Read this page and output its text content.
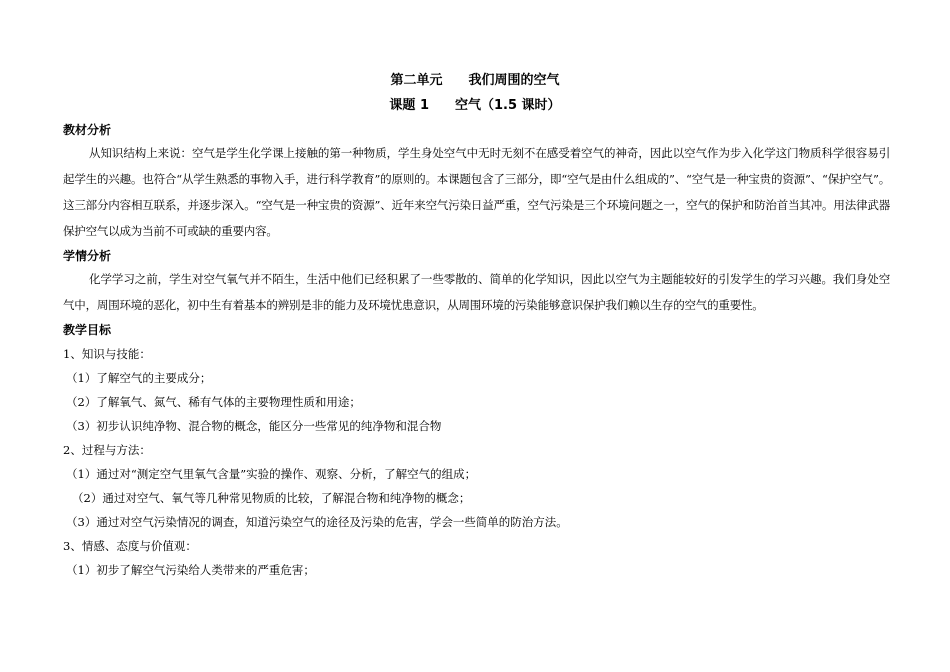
第二单元　　我们周围的空气
课题 1　　空气（1.5 课时）
教材分析
从知识结构上来说：空气是学生化学课上接触的第一种物质，学生身处空气中无时无刻不在感受着空气的神奇，因此以空气作为步入化学这门物质科学很容易引起学生的兴趣。也符合“从学生熟悉的事物入手，进行科学教育”的原则的。本课题包含了三部分，即“空气是由什么组成的”、“空气是一种宝贵的资源”、“保护空气”。这三部分内容相互联系，并逐步深入。“空气是一种宝贵的资源”、近年来空气污染日益严重，空气污染是三个环境问题之一，空气的保护和防治首当其冲。用法律武器保护空气以成为当前不可或缺的重要内容。
学情分析
化学学习之前，学生对空气氧气并不陌生，生活中他们已经积累了一些零散的、简单的化学知识，因此以空气为主题能较好的引发学生的学习兴趣。我们身处空气中，周围环境的恶化，初中生有着基本的辨别是非的能力及环境忧患意识，从周围环境的污染能够意识保护我们赖以生存的空气的重要性。
教学目标
1、知识与技能：
（1）了解空气的主要成分；
（2）了解氧气、氮气、稀有气体的主要物理性质和用途；
（3）初步认识纯净物、混合物的概念，能区分一些常见的纯净物和混合物
2、过程与方法：
（1）通过对“测定空气里氧气含量”实验的操作、观察、分析，了解空气的组成；
（2）通过对空气、氧气等几种常见物质的比较，了解混合物和纯净物的概念；
（3）通过对空气污染情况的调查，知道污染空气的途径及污染的危害，学会一些简单的防治方法。
3、情感、态度与价值观：
（1）初步了解空气污染给人类带来的严重危害；
